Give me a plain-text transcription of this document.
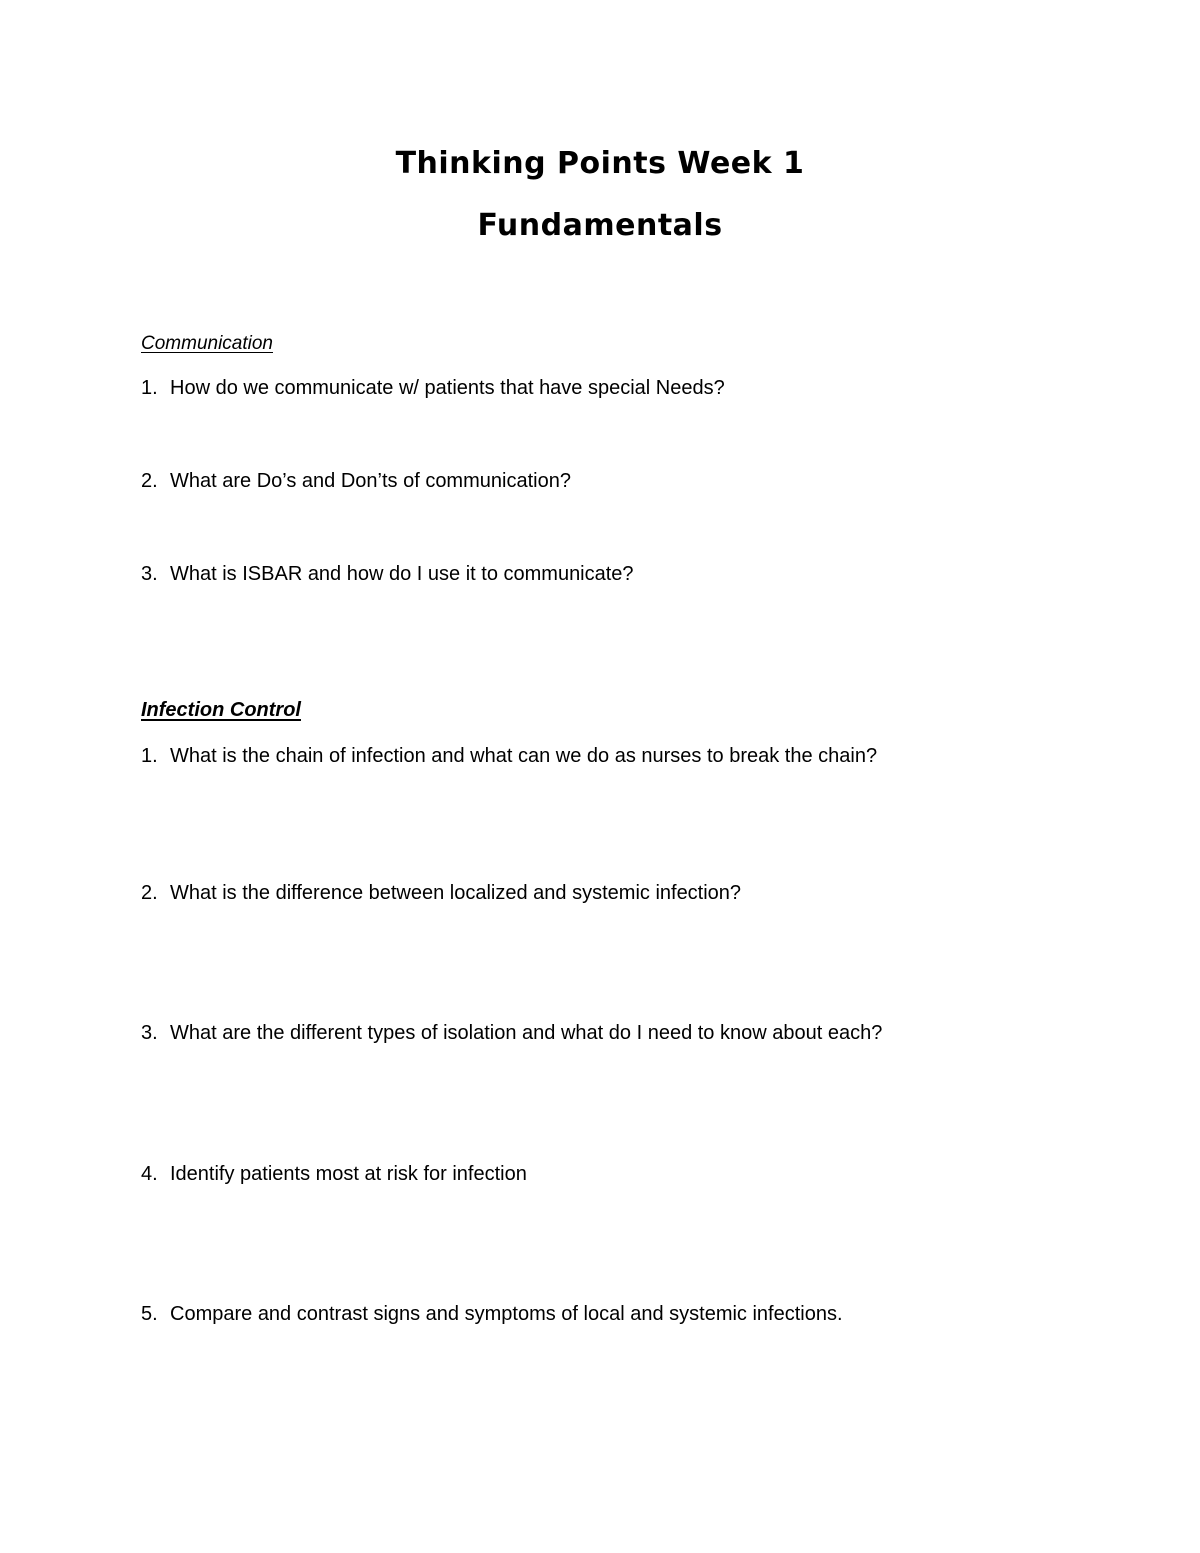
Thinking Points Week 1
Fundamentals
Communication

1. How do we communicate w/ patients that have special Needs?

2. What are Do’s and Don’ts of communication?

3. What is ISBAR and how do I use it to communicate?

Infection Control

1. What is the chain of infection and what can we do as nurses to break the chain?

2. What is the difference between localized and systemic infection?

3. What are the different types of isolation and what do I need to know about each?

4. Identify patients most at risk for infection

5. Compare and contrast signs and symptoms of local and systemic infections.
